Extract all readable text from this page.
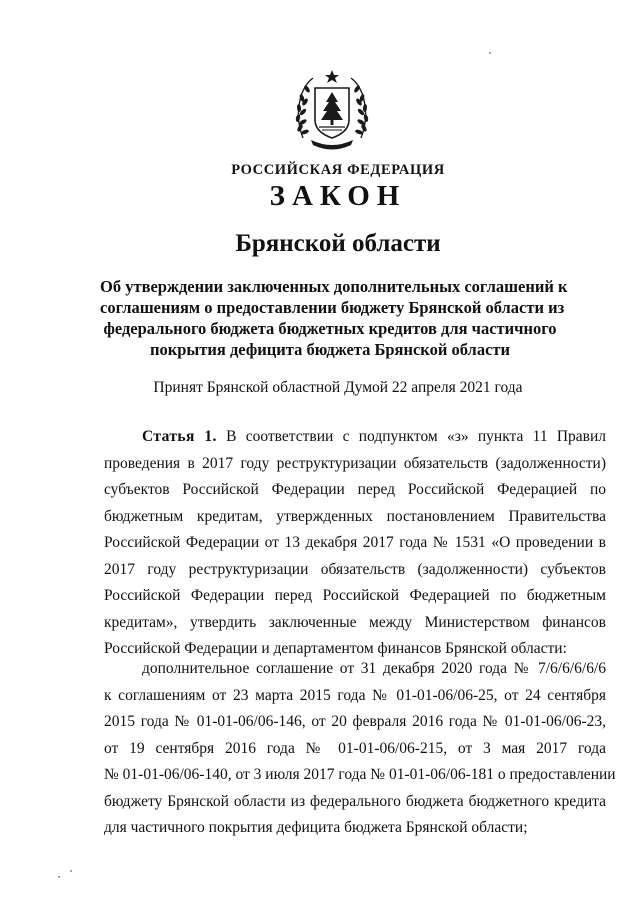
РОССИЙСКАЯ ФЕДЕРАЦИЯ
ЗАКОН
Брянской области
Об утверждении заключенных дополнительных соглашений к
соглашениям о предоставлении бюджету Брянской области из
федерального бюджета бюджетных кредитов для частичного
покрытия дефицита бюджета Брянской области
Принят Брянской областной Думой 22 апреля 2021 года
Статья 1. В соответствии с подпунктом «з» пункта 11 Правил
проведения в 2017 году реструктуризации обязательств (задолженности)
субъектов Российской Федерации перед Российской Федерацией по
бюджетным кредитам, утвержденных постановлением Правительства
Российской Федерации от 13 декабря 2017 года № 1531 «О проведении в
2017 году реструктуризации обязательств (задолженности) субъектов
Российской Федерации перед Российской Федерацией по бюджетным
кредитам», утвердить заключенные между Министерством финансов
Российской Федерации и департаментом финансов Брянской области:
дополнительное соглашение от 31 декабря 2020 года № 7/6/6/6/6/6
к соглашениям от 23 марта 2015 года № 01-01-06/06-25, от 24 сентября
2015 года № 01-01-06/06-146, от 20 февраля 2016 года № 01-01-06/06-23,
от 19 сентября 2016 года № 01-01-06/06-215, от 3 мая 2017 года
№ 01-01-06/06-140, от 3 июля 2017 года № 01-01-06/06-181 о предоставлении
бюджету Брянской области из федерального бюджета бюджетного кредита
для частичного покрытия дефицита бюджета Брянской области;
